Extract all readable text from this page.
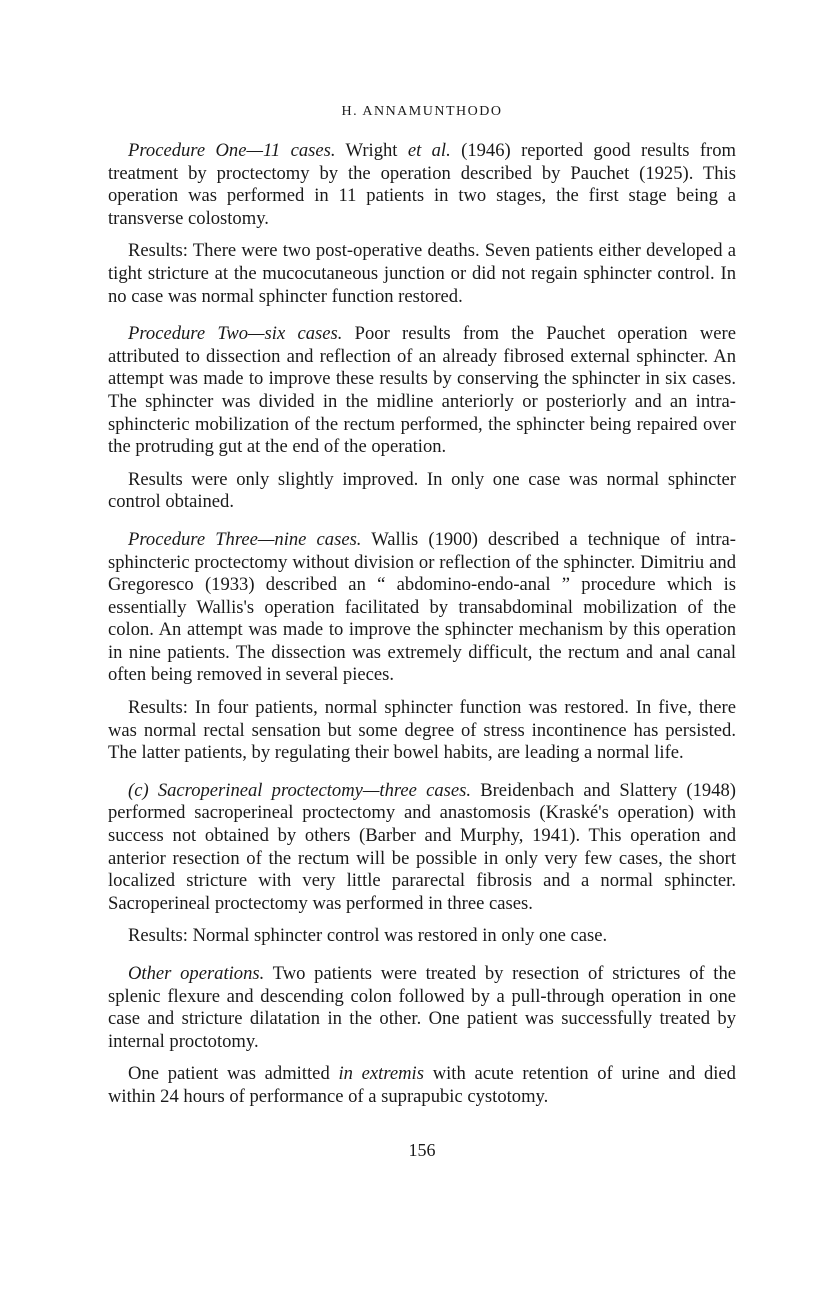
H. ANNAMUNTHODO

Procedure One—11 cases. Wright et al. (1946) reported good results from treatment by proctectomy by the operation described by Pauchet (1925). This operation was performed in 11 patients in two stages, the first stage being a transverse colostomy.

Results: There were two post-operative deaths. Seven patients either developed a tight stricture at the mucocutaneous junction or did not regain sphincter control. In no case was normal sphincter function restored.

Procedure Two—six cases. Poor results from the Pauchet operation were attributed to dissection and reflection of an already fibrosed external sphincter. An attempt was made to improve these results by conserving the sphincter in six cases. The sphincter was divided in the midline anteriorly or posteriorly and an intra-sphincteric mobilization of the rectum performed, the sphincter being repaired over the protruding gut at the end of the operation.

Results were only slightly improved. In only one case was normal sphincter control obtained.

Procedure Three—nine cases. Wallis (1900) described a technique of intra-sphincteric proctectomy without division or reflection of the sphincter. Dimitriu and Gregoresco (1933) described an “ abdomino-endo-anal ” procedure which is essentially Wallis's operation facilitated by transabdominal mobilization of the colon. An attempt was made to improve the sphincter mechanism by this operation in nine patients. The dissection was extremely difficult, the rectum and anal canal often being removed in several pieces.

Results: In four patients, normal sphincter function was restored. In five, there was normal rectal sensation but some degree of stress incontinence has persisted. The latter patients, by regulating their bowel habits, are leading a normal life.

(c) Sacroperineal proctectomy—three cases. Breidenbach and Slattery (1948) performed sacroperineal proctectomy and anastomosis (Kraské's operation) with success not obtained by others (Barber and Murphy, 1941). This operation and anterior resection of the rectum will be possible in only very few cases, the short localized stricture with very little pararectal fibrosis and a normal sphincter. Sacroperineal proctectomy was performed in three cases.

Results: Normal sphincter control was restored in only one case.

Other operations. Two patients were treated by resection of strictures of the splenic flexure and descending colon followed by a pull-through operation in one case and stricture dilatation in the other. One patient was successfully treated by internal proctotomy.

One patient was admitted in extremis with acute retention of urine and died within 24 hours of performance of a suprapubic cystotomy.

156
